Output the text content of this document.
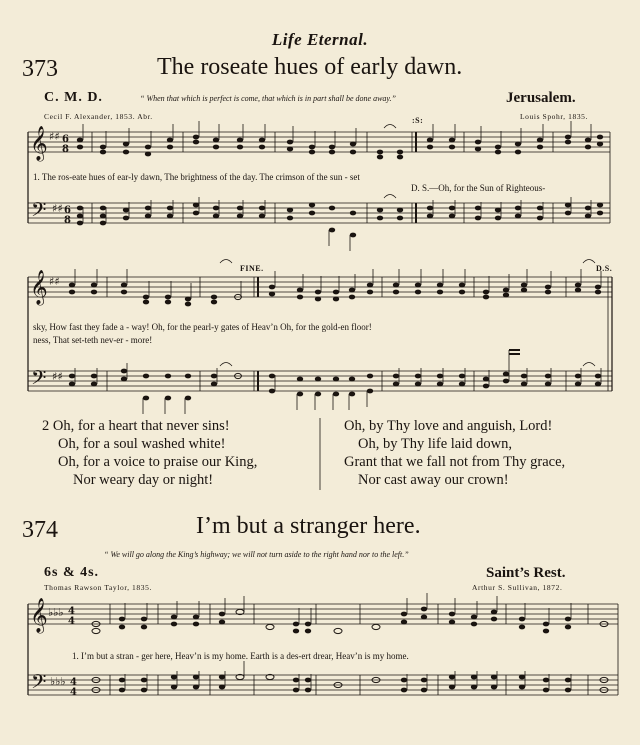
Life Eternal.
373	The roseate hues of early dawn.
C. M. D.	“ When that which is perfect is come, that which is in part shall be done away.”	Jerusalem.
Cecil F. Alexander, 1853. Abr.	Louis Spohr, 1835.
:S:
𝄞
𝄢
𝄞
𝄢
♯♯
♯♯
♯♯
♯♯
6
8
6
8
1. The ros-eate hues of ear-ly dawn, The brightness of the day. The crimson of the sun - set
D. S.—Oh, for the Sun of Righteous-
FINE.	D.S.
sky, How fast they fade a - way! Oh, for the pearl-y gates of Heav’n Oh, for the gold-en floor!
ness, That set-teth nev-er - more!
2 Oh, for a heart that never sins!
Oh, for a soul washed white!
Oh, for a voice to praise our King,
Nor weary day or night!
Oh, by Thy love and anguish, Lord!
Oh, by Thy life laid down,
Grant that we fall not from Thy grace,
Nor cast away our crown!
374	I’m but a stranger here.
“ We will go along the King’s highway; we will not turn aside to the right hand nor to the left.”
6s & 4s.	Saint’s Rest.
Thomas Rawson Taylor, 1835.	Arthur S. Sullivan, 1872.
𝄞
𝄢
♭♭♭
♭♭♭
4
4
4
4
1. I’m but a stran - ger here, Heav’n is my home. Earth is a des-ert drear, Heav’n is my home.
